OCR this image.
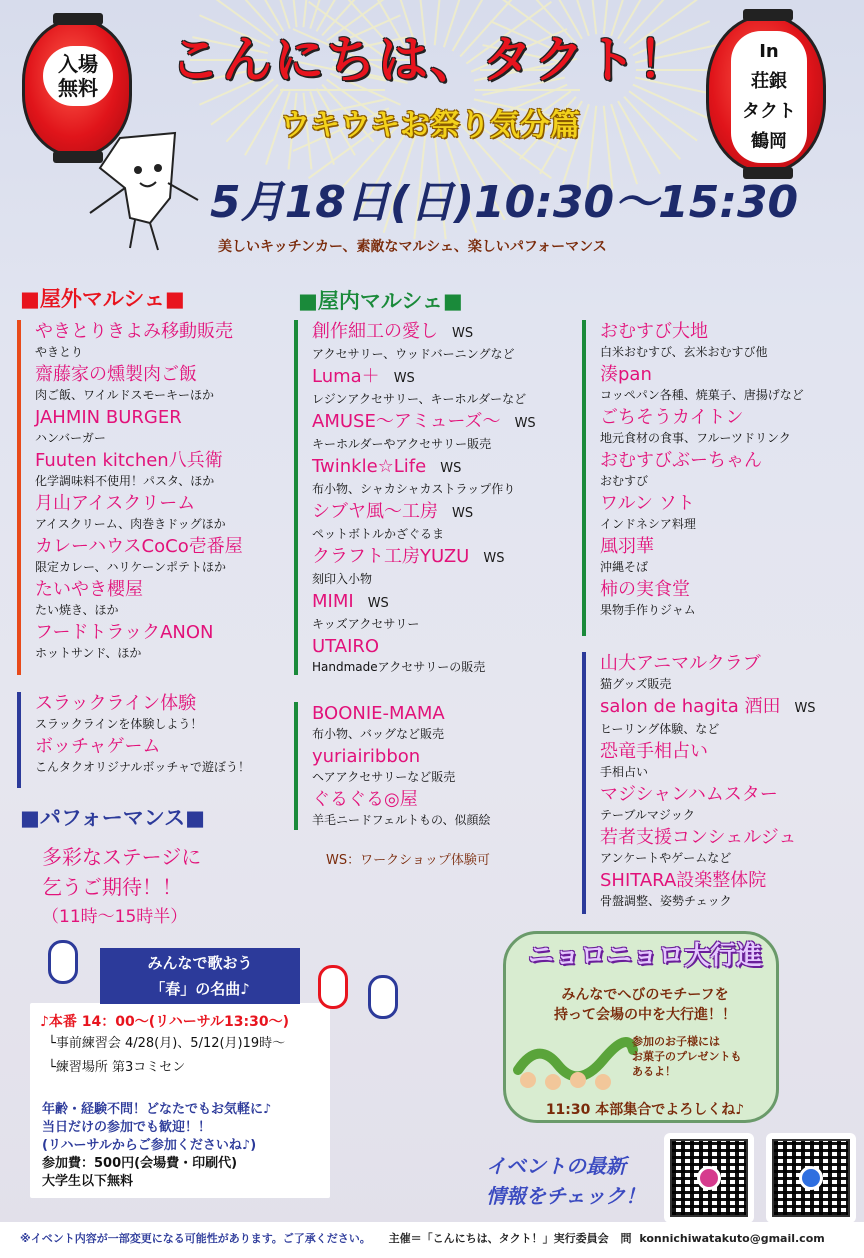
入場
無料
In
荘銀
タクト
鶴岡
こんにちは、タクト！
ウキウキお祭り気分篇
5月18日(日)10:30～15:30
美しいキッチンカー、素敵なマルシェ、楽しいパフォーマンス
■屋外マルシェ■
やきとりきよみ移動販売
やきとり
齋藤家の燻製肉ご飯
肉ご飯、ワイルドスモーキーほか
JAHMIN BURGER
ハンバーガー
Fuuten kitchen八兵衛
化学調味料不使用！パスタ、ほか
月山アイスクリーム
アイスクリーム、肉巻きドッグほか
カレーハウスCoCo壱番屋
限定カレー、ハリケーンポテトほか
たいやき櫻屋
たい焼き、ほか
フードトラックANON
ホットサンド、ほか
スラックライン体験
スラックラインを体験しよう！
ボッチャゲーム
こんタクオリジナルボッチャで遊ぼう！
■パフォーマンス■
多彩なステージに
乞うご期待！！
（11時～15時半）
■屋内マルシェ■
創作細工の愛し WS
アクセサリー、ウッドバーニングなど
Luma＋ WS
レジンアクセサリー、キーホルダーなど
AMUSE～アミューズ～ WS
キーホルダーやアクセサリー販売
Twinkle☆Life WS
布小物、シャカシャカストラップ作り
シブヤ風～工房 WS
ペットボトルかざぐるま
クラフト工房YUZU WS
刻印入小物
MIMI WS
キッズアクセサリー
UTAIRO
Handmadeアクセサリーの販売
BOONIE-MAMA
布小物、バッグなど販売
yuriairibbon
ヘアアクセサリーなど販売
ぐるぐる◎屋
羊毛ニードフェルトもの、似顔絵
WS：ワークショップ体験可
おむすび大地
白米おむすび、玄米おむすび他
湊pan
コッペパン各種、焼菓子、唐揚げなど
ごちそうカイトン
地元食材の食事、フルーツドリンク
おむすびぶーちゃん
おむすび
ワルン ソト
インドネシア料理
風羽華
沖縄そば
柿の実食堂
果物手作りジャム
山大アニマルクラブ
猫グッズ販売
salon de hagita 酒田 WS
ヒーリング体験、など
恐竜手相占い
手相占い
マジシャンハムスター
テーブルマジック
若者支援コンシェルジュ
アンケートやゲームなど
SHITARA設楽整体院
骨盤調整、姿勢チェック
♪本番 14：00～(リハーサル13:30～)
└事前練習会 4/28(月)、5/12(月)19時～
└練習場所 第3コミセン
年齢・経験不問！どなたでもお気軽に♪
当日だけの参加でも歓迎！！
(リハーサルからご参加くださいね♪)
参加費：500円(会場費・印刷代)
大学生以下無料
みんなで歌おう
「春」の名曲♪
ニョロニョロ大行進
みんなでへびのモチーフを
持って会場の中を大行進！！
参加のお子様には
お菓子のプレゼントも
あるよ！
11:30 本部集合でよろしくね♪
イベントの最新
情報をチェック！
※イベント内容が一部変更になる可能性があります。ご了承ください。 主催＝「こんにちは、タクト！」実行委員会 問 konnichiwatakuto@gmail.com
